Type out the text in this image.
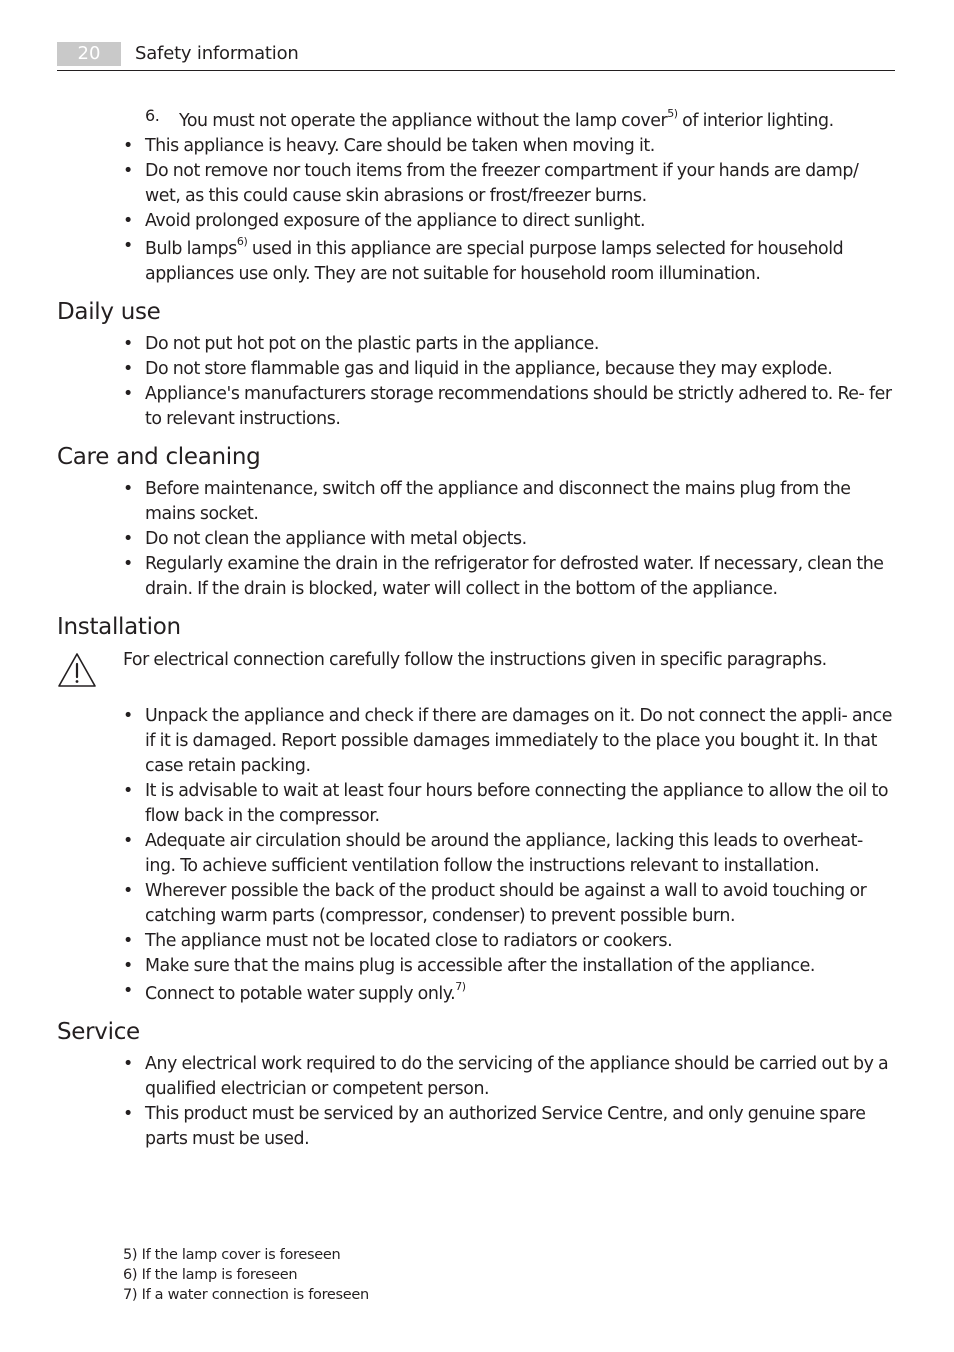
20	Safety information
6. You must not operate the appliance without the lamp cover$^{5)}$ of interior lighting.
• This appliance is heavy. Care should be taken when moving it.
• Do not remove nor touch items from the freezer compartment if your hands are damp/ wet, as this could cause skin abrasions or frost/freezer burns.
• Avoid prolonged exposure of the appliance to direct sunlight.
• Bulb lamps$^{6)}$ used in this appliance are special purpose lamps selected for household appliances use only. They are not suitable for household room illumination.
Daily use
• Do not put hot pot on the plastic parts in the appliance.
• Do not store flammable gas and liquid in the appliance, because they may explode.
• Appliance's manufacturers storage recommendations should be strictly adhered to. Re- fer to relevant instructions.
Care and cleaning
• Before maintenance, switch off the appliance and disconnect the mains plug from the mains socket.
• Do not clean the appliance with metal objects.
• Regularly examine the drain in the refrigerator for defrosted water. If necessary, clean the drain. If the drain is blocked, water will collect in the bottom of the appliance.
Installation
For electrical connection carefully follow the instructions given in specific paragraphs.
• Unpack the appliance and check if there are damages on it. Do not connect the appli- ance if it is damaged. Report possible damages immediately to the place you bought it. In that case retain packing.
• It is advisable to wait at least four hours before connecting the appliance to allow the oil to flow back in the compressor.
• Adequate air circulation should be around the appliance, lacking this leads to overheat- ing. To achieve sufficient ventilation follow the instructions relevant to installation.
• Wherever possible the back of the product should be against a wall to avoid touching or catching warm parts (compressor, condenser) to prevent possible burn.
• The appliance must not be located close to radiators or cookers.
• Make sure that the mains plug is accessible after the installation of the appliance.
• Connect to potable water supply only.$^{7)}$
Service
• Any electrical work required to do the servicing of the appliance should be carried out by a qualified electrician or competent person.
• This product must be serviced by an authorized Service Centre, and only genuine spare parts must be used.
5) If the lamp cover is foreseen
6) If the lamp is foreseen
7) If a water connection is foreseen
